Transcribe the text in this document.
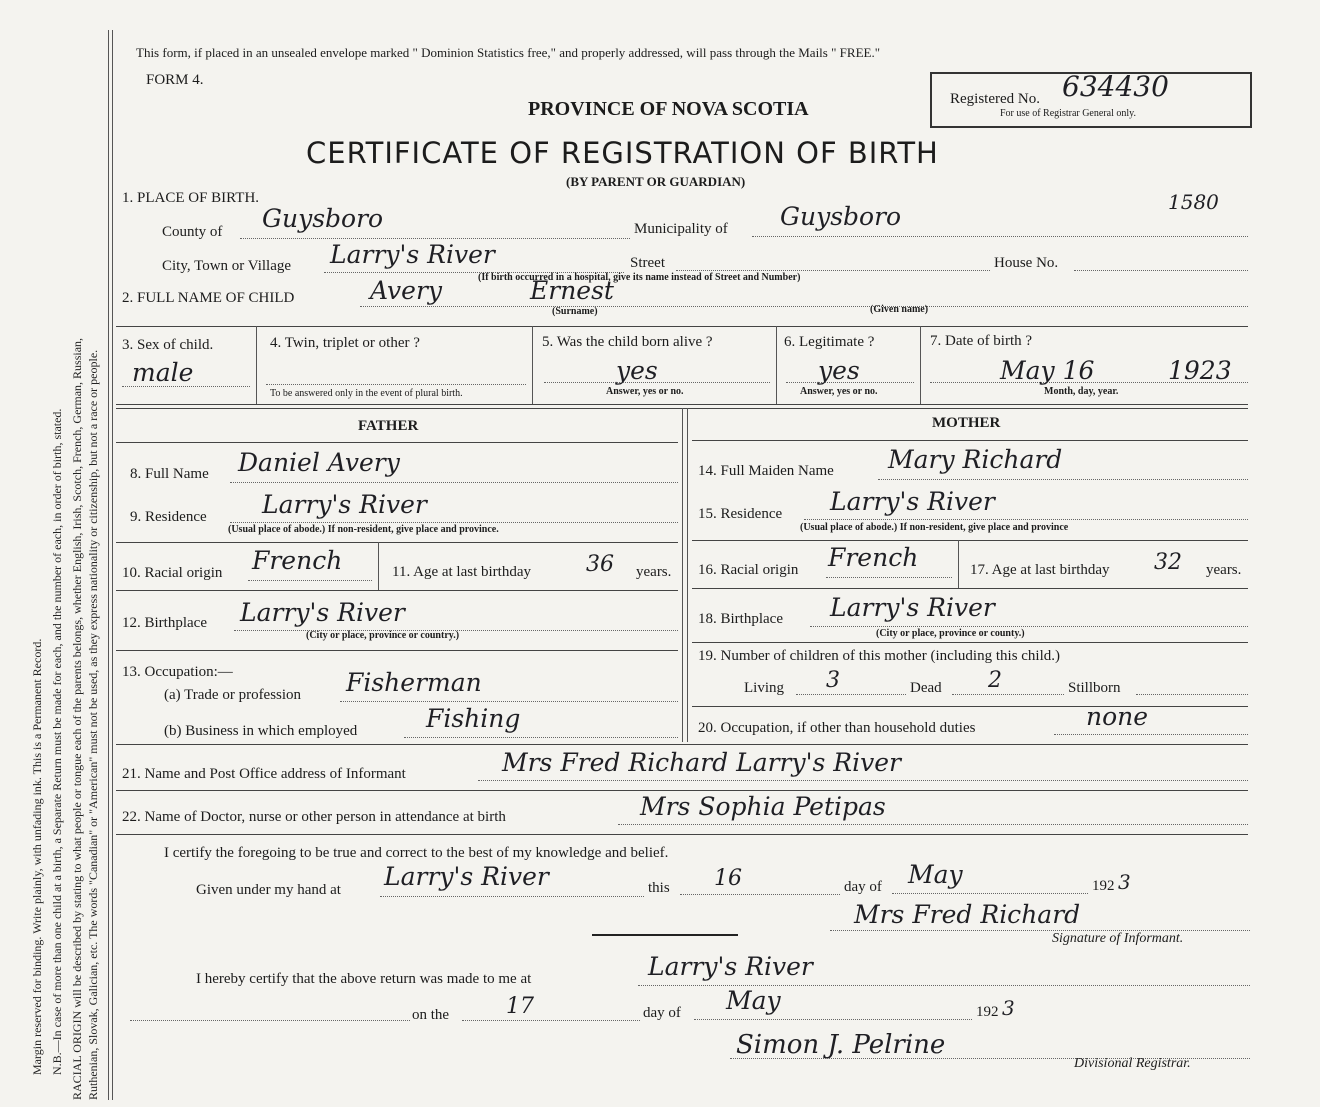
Margin reserved for binding. Write plainly, with unfading ink. This is a Permanent Record. N.B.—In case of more than one child at a birth, a Separate Return must be made for each, and the number of each, in order of birth, stated. RACIAL ORIGIN will be described by stating to what people or tongue each of the parents belongs, whether English, Irish, Scotch, French, German, Russian, Ruthenian, Slovak, Galician, etc. The words "Canadian" or "American" must not be used, as they express nationality or citizenship, but not a race or people.
This form, if placed in an unsealed envelope marked " Dominion Statistics free," and properly addressed, will pass through the Mails " FREE."
FORM 4.
PROVINCE OF NOVA SCOTIA
CERTIFICATE OF REGISTRATION OF BIRTH
(BY PARENT OR GUARDIAN)
Registered No. 634430
For use of Registrar General only.
1580
1. PLACE OF BIRTH.
County of Guysboro	Municipality of Guysboro
City, Town or Village Larry's River	Street	House No.
(If birth occurred in a hospital, give its name instead of Street and Number)
2. FULL NAME OF CHILD	Avery	Ernest
(Surname)	(Given name)
3. Sex of child.
male
4. Twin, triplet or other ?
To be answered only in the event of plural birth.
5. Was the child born alive ?
yes
Answer, yes or no.
6. Legitimate ?
yes
Answer, yes or no.
7. Date of birth ?
May 16	1923
Month, day, year.
FATHER	MOTHER
8. Full Name Daniel Avery
9. Residence Larry's River
(Usual place of abode.) If non-resident, give place and province.
10. Racial origin French	11. Age at last birthday	36 years.
12. Birthplace Larry's River
(City or place, province or country.)
13. Occupation:—
(a) Trade or profession Fisherman
(b) Business in which employed	Fishing
14. Full Maiden Name Mary Richard
15. Residence Larry's River
(Usual place of abode.) If non-resident, give place and province
16. Racial origin French	17. Age at last birthday 32 years.
18. Birthplace Larry's River
(City or place, province or county.)
19. Number of children of this mother (including this child.)
Living 3	Dead 2	Stillborn
20. Occupation, if other than household duties	none
21. Name and Post Office address of Informant	Mrs Fred Richard Larry's River
22. Name of Doctor, nurse or other person in attendance at birth	Mrs Sophia Petipas
I certify the foregoing to be true and correct to the best of my knowledge and belief.
Given under my hand at Larry's River	this 16	day of May	192 3
Mrs Fred Richard
Signature of Informant.
I hereby certify that the above return was made to me at	Larry's River
on the	17	day of May	192 3
Simon J. Pelrine
Divisional Registrar.
